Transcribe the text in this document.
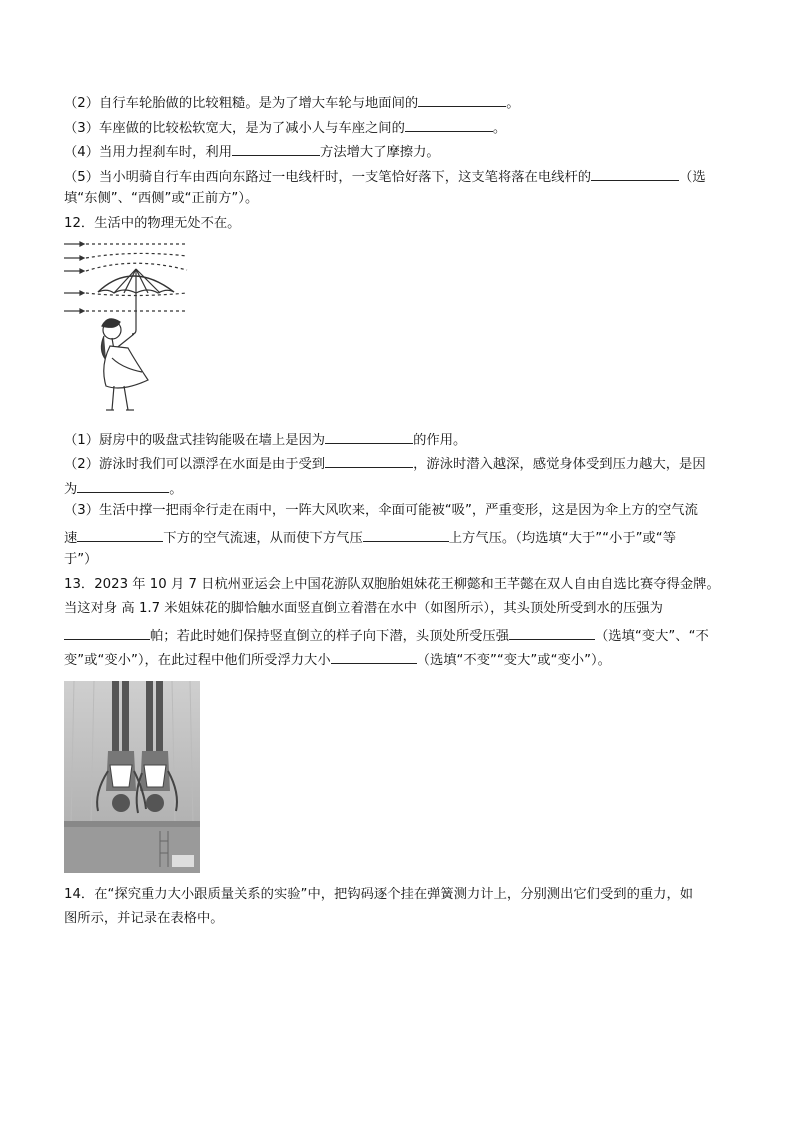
（2）自行车轮胎做的比较粗糙。是为了增大车轮与地面间的	。
（3）车座做的比较松软宽大，是为了减小人与车座之间的	。
（4）当用力捏刹车时，利用	方法增大了摩擦力。
（5）当小明骑自行车由西向东路过一电线杆时，一支笔恰好落下，这支笔将落在电线杆的	（选
填“东侧”、“西侧”或“正前方”）。
12．生活中的物理无处不在。
（1）厨房中的吸盘式挂钩能吸在墙上是因为	的作用。
（2）游泳时我们可以漂浮在水面是由于受到	，游泳时潜入越深，感觉身体受到压力越大，是因
为	。
（3）生活中撑一把雨伞行走在雨中，一阵大风吹来，伞面可能被“吸”，严重变形，这是因为伞上方的空气流
速	下方的空气流速，从而使下方气压	上方气压。（均选填“大于”“小于”或“等
于”）
13．2023 年 10 月 7 日杭州亚运会上中国花游队双胞胎姐妹花王柳懿和王芊懿在双人自由自选比赛夺得金牌。
当这对身 高 1.7 米姐妹花的脚恰触水面竖直倒立着潜在水中（如图所示），其头顶处所受到水的压强为
帕；若此时她们保持竖直倒立的样子向下潜，头顶处所受压强	（选填“变大”、“不
变”或“变小”），在此过程中他们所受浮力大小	（选填“不变”“变大”或“变小”）。
14．在“探究重力大小跟质量关系的实验”中，把钩码逐个挂在弹簧测力计上，分别测出它们受到的重力，如
图所示，并记录在表格中。
